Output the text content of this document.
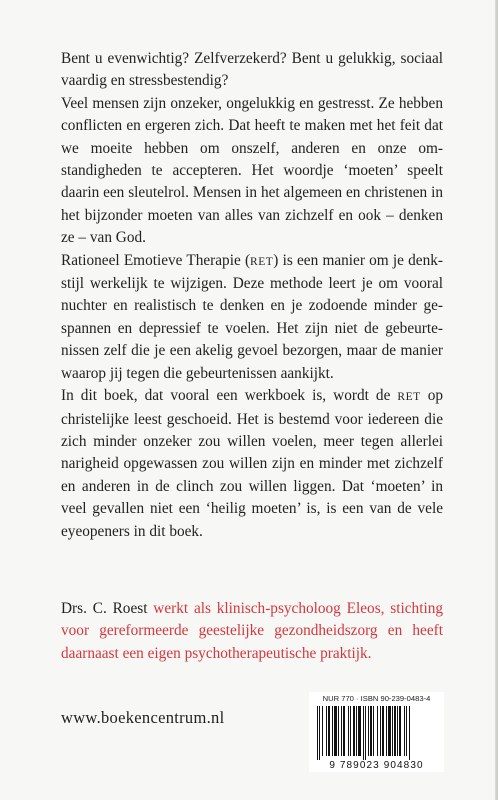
Bent u evenwichtig? Zelfverzekerd? Bent u gelukkig, sociaal vaardig en stressbestendig?

Veel mensen zijn onzeker, ongelukkig en gestresst. Ze hebben conflicten en ergeren zich. Dat heeft te maken met het feit dat we moeite hebben om onszelf, anderen en onze omstandigheden te accepteren. Het woordje ‘moeten’ speelt daarin een sleutelrol. Mensen in het algemeen en christenen in het bijzonder moeten van alles van zichzelf en ook – denken ze – van God.

Rationeel Emotieve Therapie (RET) is een manier om je denkstijl werkelijk te wijzigen. Deze methode leert je om vooral nuchter en realistisch te denken en je zodoende minder gespannen en depressief te voelen. Het zijn niet de gebeurtenissen zelf die je een akelig gevoel bezorgen, maar de manier waarop jij tegen die gebeurtenissen aankijkt.

In dit boek, dat vooral een werkboek is, wordt de RET op christelijke leest geschoeid. Het is bestemd voor iedereen die zich minder onzeker zou willen voelen, meer tegen allerlei narigheid opgewassen zou willen zijn en minder met zichzelf en anderen in de clinch zou willen liggen. Dat ‘moeten’ in veel gevallen niet een ‘heilig moeten’ is, is een van de vele eyeopeners in dit boek.

Drs. C. Roest werkt als klinisch-psycholoog Eleos, stichting voor gereformeerde geestelijke gezondheidszorg en heeft daarnaast een eigen psychotherapeutische praktijk.
www.boekencentrum.nl
NUR 770 · ISBN 90-239-0483-4
9 789023 904830
